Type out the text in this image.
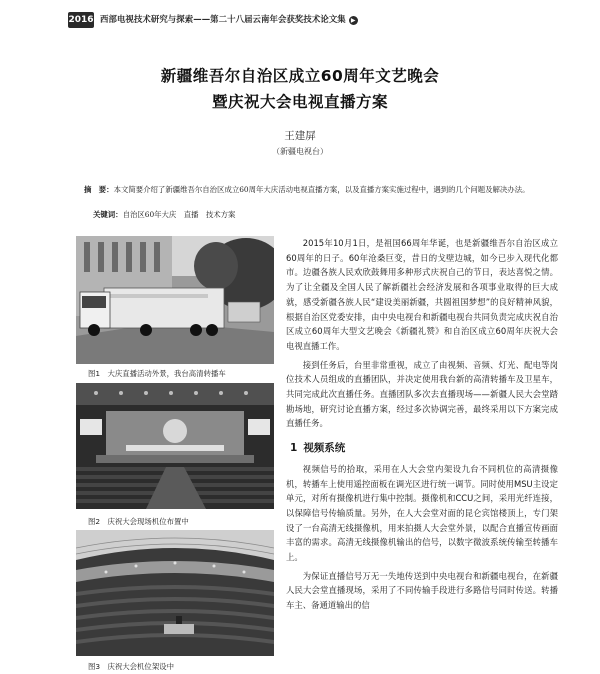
2016 西部电视技术研究与探索——第二十八届云南年会获奖技术论文集 ▶
新疆维吾尔自治区成立60周年文艺晚会
暨庆祝大会电视直播方案
王建屏
（新疆电视台）

摘　要：本文简要介绍了新疆维吾尔自治区成立60周年大庆活动电视直播方案，以及直播方案实施过程中，遇到的几个问题及解决办法。

关键词：自治区60年大庆　直播　技术方案
图1　大庆直播活动外景，我台高清转播车
图2　庆祝大会现场机位布置中
图3　庆祝大会机位架设中

2015年10月1日，是祖国66周年华诞，也是新疆维吾尔自治区成立60周年的日子。60年沧桑巨变，昔日的戈壁边城，如今已步入现代化都市。边疆各族人民欢欣鼓舞用多种形式庆祝自己的节日，表达喜悦之情。为了让全疆及全国人民了解新疆社会经济发展和各项事业取得的巨大成就，感受新疆各族人民“建设美丽新疆，共圆祖国梦想”的良好精神风貌，根据自治区党委安排，由中央电视台和新疆电视台共同负责完成庆祝自治区成立60周年大型文艺晚会《新疆礼赞》和自治区成立60周年庆祝大会电视直播工作。

接到任务后，台里非常重视，成立了由视频、音频、灯光、配电等岗位技术人员组成的直播团队，并决定使用我台新的高清转播车及卫星车，共同完成此次直播任务。直播团队多次去直播现场——新疆人民大会堂踏勘场地，研究讨论直播方案，经过多次协调完善，最终采用以下方案完成直播任务。

1 视频系统

视频信号的拾取，采用在人大会堂内架设九台不同机位的高清摄像机，转播车上使用遥控面板在调光区进行统一调节。同时使用MSU主设定单元，对所有摄像机进行集中控制。摄像机和CCU之间，采用光纤连接，以保障信号传输质量。另外，在人大会堂对面的昆仑宾馆楼顶上，专门架设了一台高清无线摄像机，用来拍摄人大会堂外景，以配合直播宣传画面丰富的需求。高清无线摄像机输出的信号，以数字微波系统传输至转播车上。

为保证直播信号万无一失地传送到中央电视台和新疆电视台，在新疆人民大会堂直播现场，采用了不同传输手段进行多路信号同时传送。转播车主、备通道输出的信
